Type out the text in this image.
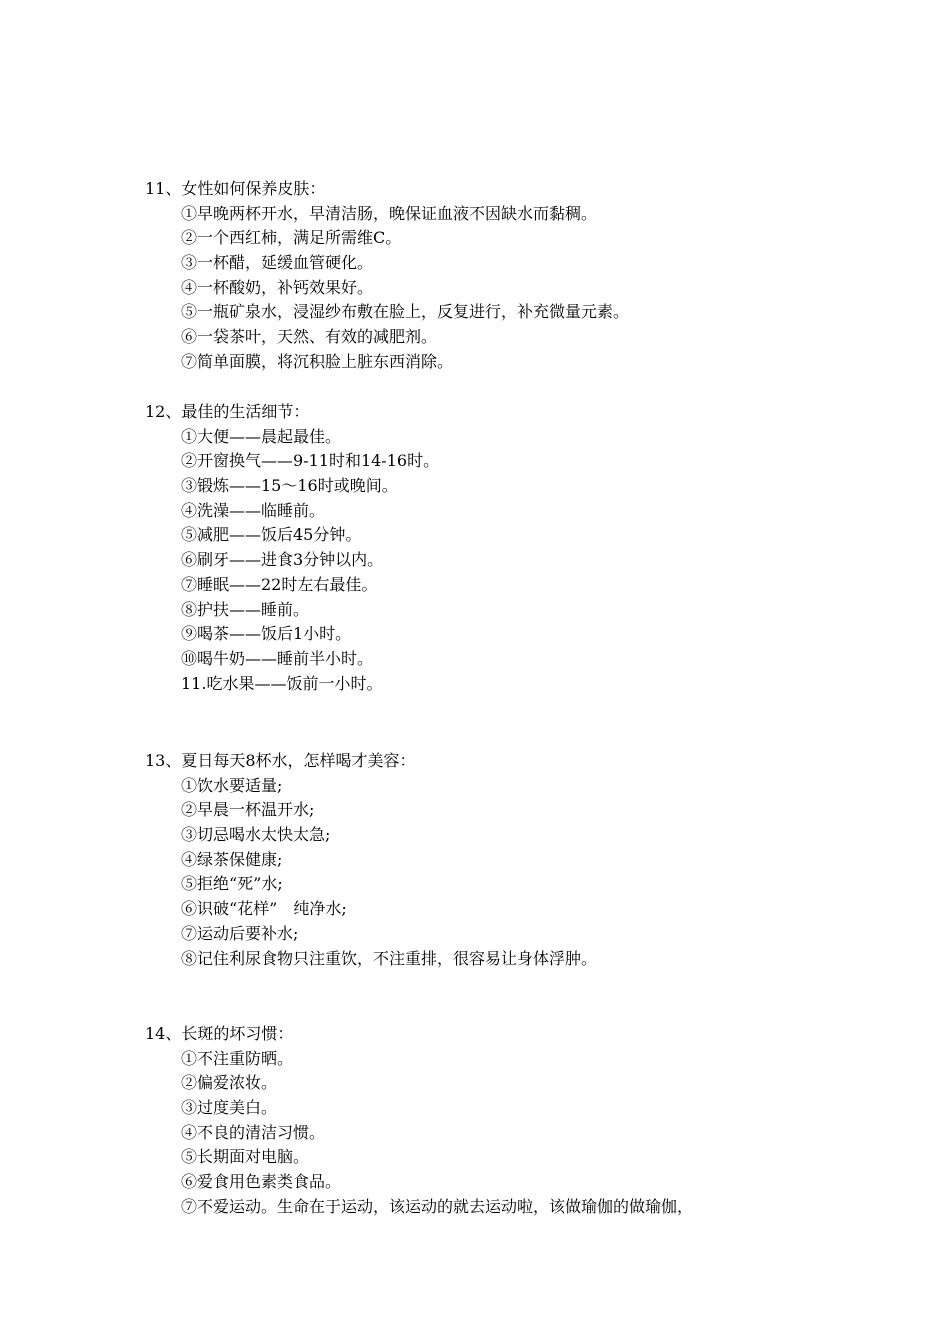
11、女性如何保养皮肤：
①早晚两杯开水，早清洁肠，晚保证血液不因缺水而黏稠。
②一个西红柿，满足所需维C。
③一杯醋，延缓血管硬化。
④一杯酸奶，补钙效果好。
⑤一瓶矿泉水，浸湿纱布敷在脸上，反复进行，补充微量元素。
⑥一袋茶叶，天然、有效的减肥剂。
⑦简单面膜，将沉积脸上脏东西消除。
12、最佳的生活细节：
①大便——晨起最佳。
②开窗换气——9-11时和14-16时。
③锻炼——15～16时或晚间。
④洗澡——临睡前。
⑤减肥——饭后45分钟。
⑥刷牙——进食3分钟以内。
⑦睡眠——22时左右最佳。
⑧护扶——睡前。
⑨喝茶——饭后1小时。
⑩喝牛奶——睡前半小时。
11.吃水果——饭前一小时。
13、夏日每天8杯水，怎样喝才美容：
①饮水要适量;
②早晨一杯温开水;
③切忌喝水太快太急;
④绿茶保健康;
⑤拒绝“死”水;
⑥识破“花样”　纯净水;
⑦运动后要补水;
⑧记住利尿食物只注重饮，不注重排，很容易让身体浮肿。
14、长斑的坏习惯：
①不注重防晒。
②偏爱浓妆。
③过度美白。
④不良的清洁习惯。
⑤长期面对电脑。
⑥爱食用色素类食品。
⑦不爱运动。生命在于运动，该运动的就去运动啦，该做瑜伽的做瑜伽，
